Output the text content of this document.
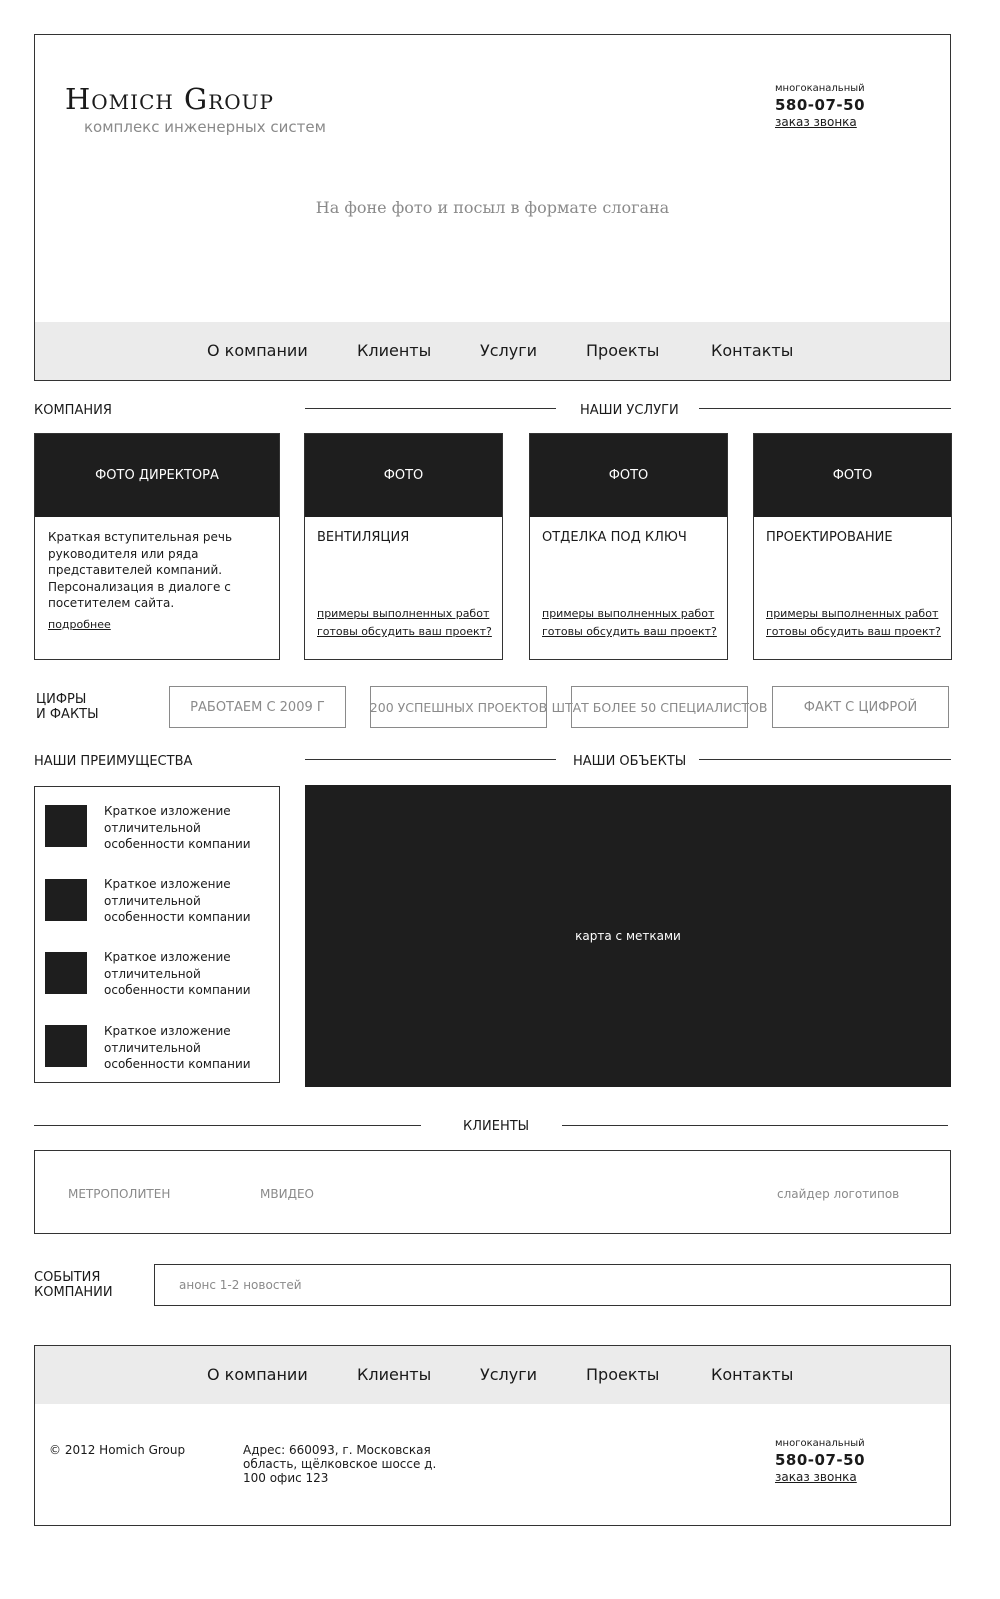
Homich Group
комплекс инженерных систем
многоканальный
580-07-50
заказ звонка
На фоне фото и посыл в формате слогана
О компании	Клиенты	Услуги	Проекты	Контакты
КОМПАНИЯ	НАШИ УСЛУГИ
ФОТО ДИРЕКТОРА
Краткая вступительная речь руководителя или ряда представителей компаний. Персонализация в диалоге с посетителем сайта.
подробнее
ФОТО
ВЕНТИЛЯЦИЯ
примеры выполненных работ
готовы обсудить ваш проект?
ФОТО
ОТДЕЛКА ПОД КЛЮЧ
примеры выполненных работ
готовы обсудить ваш проект?
ФОТО
ПРОЕКТИРОВАНИЕ
примеры выполненных работ
готовы обсудить ваш проект?
ЦИФРЫ
И ФАКТЫ	РАБОТАЕМ С 2009 Г	200 УСПЕШНЫХ ПРОЕКТОВ ШТАТ БОЛЕЕ 50 СПЕЦИАЛИСТОВ	ФАКТ С ЦИФРОЙ
НАШИ ПРЕИМУЩЕСТВА	НАШИ ОБЪЕКТЫ
Краткое изложение отличительной особенности компании
Краткое изложение отличительной особенности компании
Краткое изложение отличительной особенности компании
Краткое изложение отличительной особенности компании
карта с метками
КЛИЕНТЫ
МЕТРОПОЛИТЕН	МВИДЕО	слайдер логотипов
СОБЫТИЯ
КОМПАНИИ	анонс 1-2 новостей
О компании	Клиенты	Услуги	Проекты	Контакты
© 2012 Homich Group	Адрес: 660093, г. Московская область, щёлковское шоссе д. 100 офис 123
многоканальный
580-07-50
заказ звонка
